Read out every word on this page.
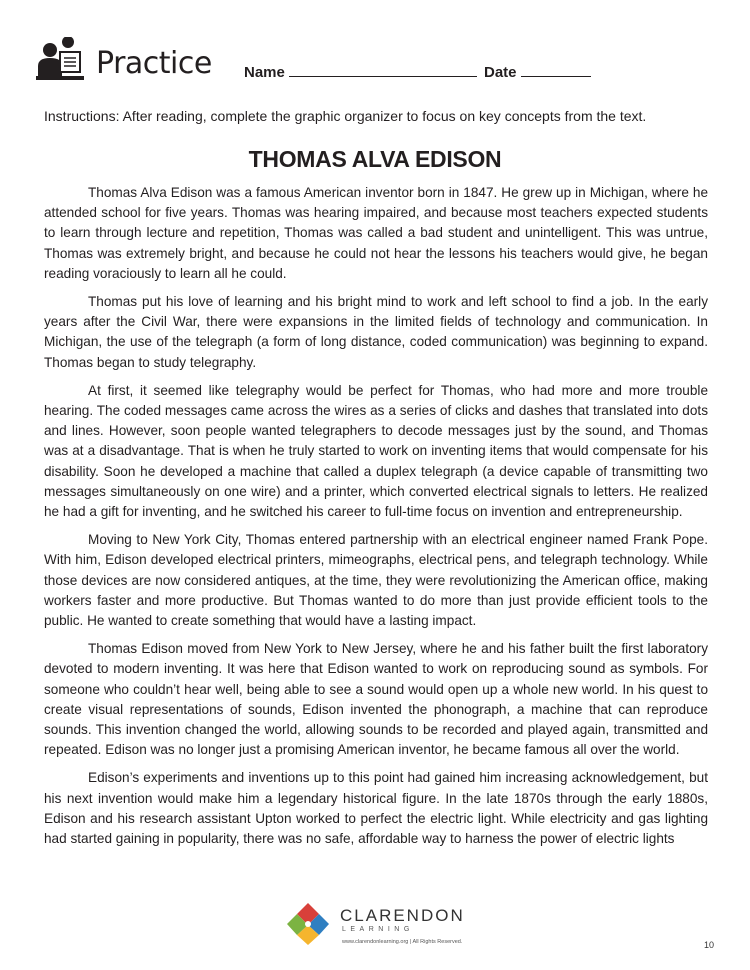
Practice Name	Date
Instructions: After reading, complete the graphic organizer to focus on key concepts from the text.
THOMAS ALVA EDISON

Thomas Alva Edison was a famous American inventor born in 1847. He grew up in Michigan, where he attended school for five years. Thomas was hearing impaired, and because most teachers expected students to learn through lecture and repetition, Thomas was called a bad student and unintelligent. This was untrue, Thomas was extremely bright, and because he could not hear the lessons his teachers would give, he began reading voraciously to learn all he could.

Thomas put his love of learning and his bright mind to work and left school to find a job. In the early years after the Civil War, there were expansions in the limited fields of technology and communication. In Michigan, the use of the telegraph (a form of long distance, coded communication) was beginning to expand. Thomas began to study telegraphy.

At first, it seemed like telegraphy would be perfect for Thomas, who had more and more trouble hearing. The coded messages came across the wires as a series of clicks and dashes that translated into dots and lines. However, soon people wanted telegraphers to decode messages just by the sound, and Thomas was at a disadvantage. That is when he truly started to work on inventing items that would compensate for his disability. Soon he developed a machine that called a duplex telegraph (a device capable of transmitting two messages simultaneously on one wire) and a printer, which converted electrical signals to letters. He realized he had a gift for inventing, and he switched his career to full-time focus on invention and entrepreneurship.

Moving to New York City, Thomas entered partnership with an electrical engineer named Frank Pope. With him, Edison developed electrical printers, mimeographs, electrical pens, and telegraph technology. While those devices are now considered antiques, at the time, they were revolutionizing the American office, making workers faster and more productive. But Thomas wanted to do more than just provide efficient tools to the public. He wanted to create something that would have a lasting impact.

Thomas Edison moved from New York to New Jersey, where he and his father built the first laboratory devoted to modern inventing. It was here that Edison wanted to work on reproducing sound as symbols. For someone who couldn’t hear well, being able to see a sound would open up a whole new world. In his quest to create visual representations of sounds, Edison invented the phonograph, a machine that can reproduce sounds. This invention changed the world, allowing sounds to be recorded and played again, transmitted and repeated. Edison was no longer just a promising American inventor, he became famous all over the world.

Edison’s experiments and inventions up to this point had gained him increasing acknowledgement, but his next invention would make him a legendary historical figure. In the late 1870s through the early 1880s, Edison and his research assistant Upton worked to perfect the electric light. While electricity and gas lighting had started gaining in popularity, there was no safe, affordable way to harness the power of electric lights

CLARENDON
LEARNING
www.clarendonlearning.org | All Rights Reserved.	10
